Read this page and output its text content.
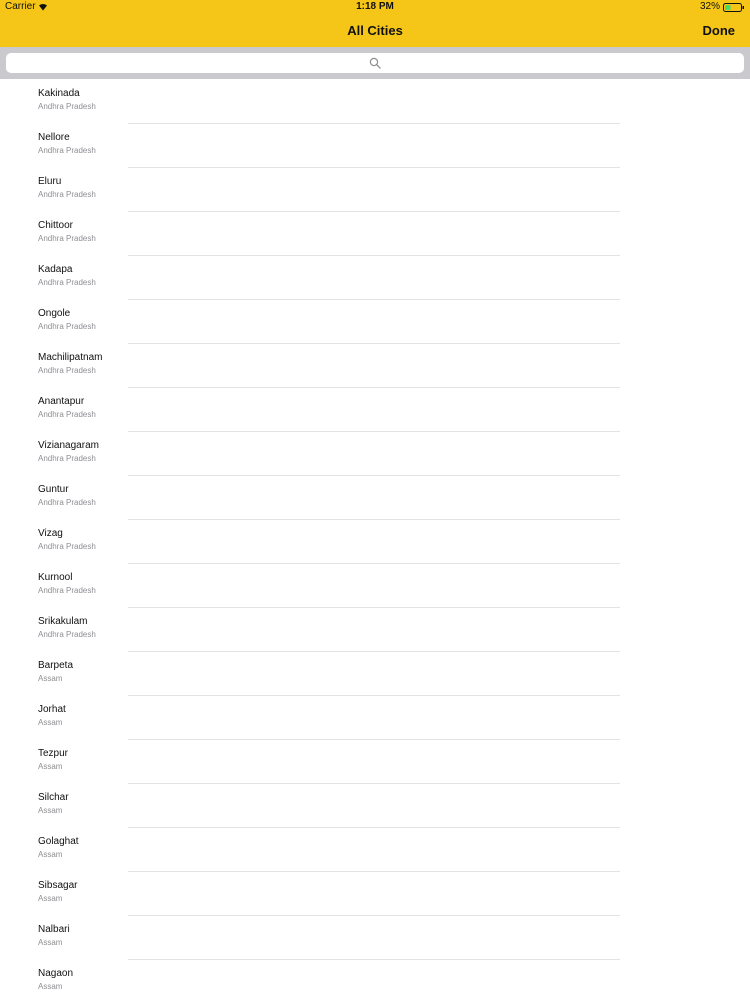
Carrier	1:18 PM	32%
All Cities	Done
Kakinada
Andhra Pradesh
Nellore
Andhra Pradesh
Eluru
Andhra Pradesh
Chittoor
Andhra Pradesh
Kadapa
Andhra Pradesh
Ongole
Andhra Pradesh
Machilipatnam
Andhra Pradesh
Anantapur
Andhra Pradesh
Vizianagaram
Andhra Pradesh
Guntur
Andhra Pradesh
Vizag
Andhra Pradesh
Kurnool
Andhra Pradesh
Srikakulam
Andhra Pradesh
Barpeta
Assam
Jorhat
Assam
Tezpur
Assam
Silchar
Assam
Golaghat
Assam
Sibsagar
Assam
Nalbari
Assam
Nagaon
Assam
